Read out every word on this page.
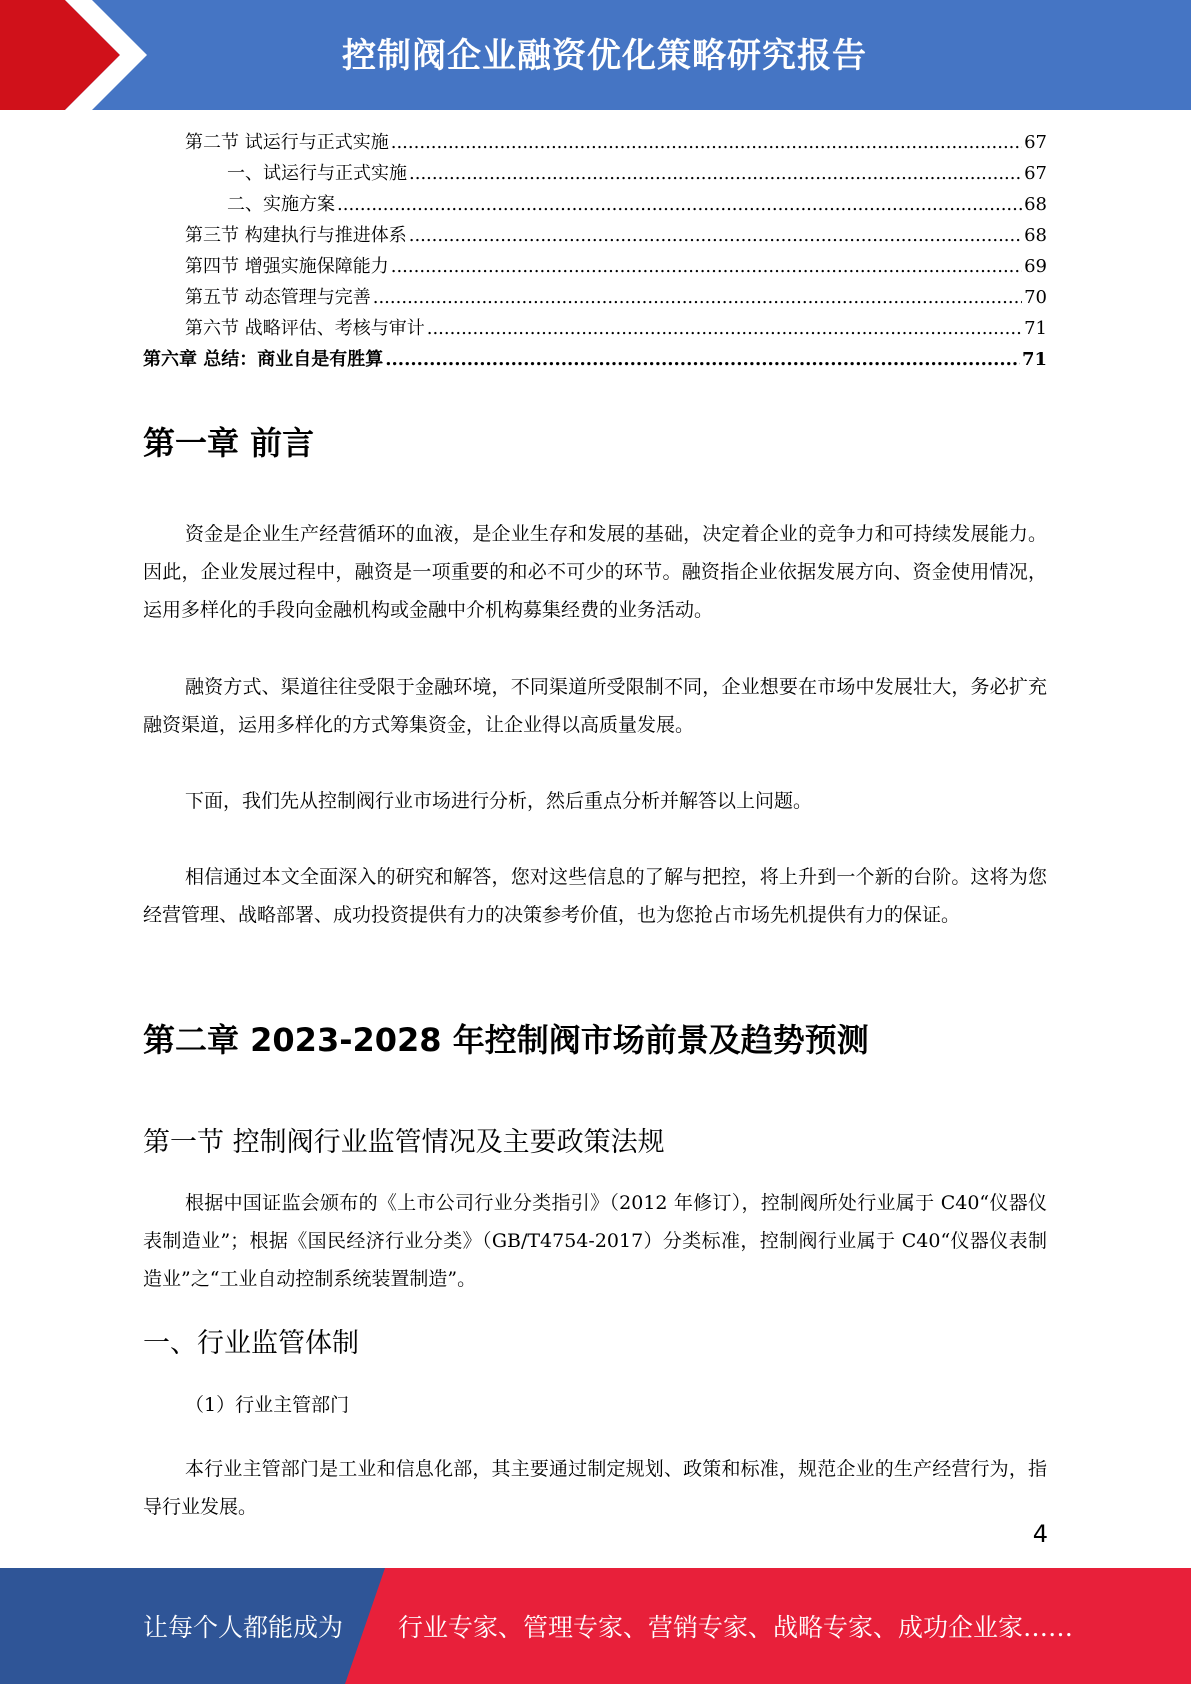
控制阀企业融资优化策略研究报告
第二节 试运行与正式实施 .....	67
一、试运行与正式实施 .....	67
二、实施方案 .....	68
第三节 构建执行与推进体系 .....	68
第四节 增强实施保障能力 .....	69
第五节 动态管理与完善 .....	70
第六节 战略评估、考核与审计 .....	71
第六章 总结：商业自是有胜算 .....	71
第一章 前言

资金是企业生产经营循环的血液，是企业生存和发展的基础，决定着企业的竞争力和可持续发展能力。因此，企业发展过程中，融资是一项重要的和必不可少的环节。融资指企业依据发展方向、资金使用情况，运用多样化的手段向金融机构或金融中介机构募集经费的业务活动。

融资方式、渠道往往受限于金融环境，不同渠道所受限制不同，企业想要在市场中发展壮大，务必扩充融资渠道，运用多样化的方式筹集资金，让企业得以高质量发展。

下面，我们先从控制阀行业市场进行分析，然后重点分析并解答以上问题。

相信通过本文全面深入的研究和解答，您对这些信息的了解与把控，将上升到一个新的台阶。这将为您经营管理、战略部署、成功投资提供有力的决策参考价值，也为您抢占市场先机提供有力的保证。

第二章 2023-2028 年控制阀市场前景及趋势预测
第一节 控制阀行业监管情况及主要政策法规

根据中国证监会颁布的《上市公司行业分类指引》（2012 年修订），控制阀所处行业属于 C40“仪器仪表制造业”；根据《国民经济行业分类》（GB/T4754-2017）分类标准，控制阀行业属于 C40“仪器仪表制造业”之“工业自动控制系统装置制造”。

一、行业监管体制

（1）行业主管部门

本行业主管部门是工业和信息化部，其主要通过制定规划、政策和标准，规范企业的生产经营行为，指导行业发展。

4
让每个人都能成为 行业专家、管理专家、营销专家、战略专家、成功企业家……
